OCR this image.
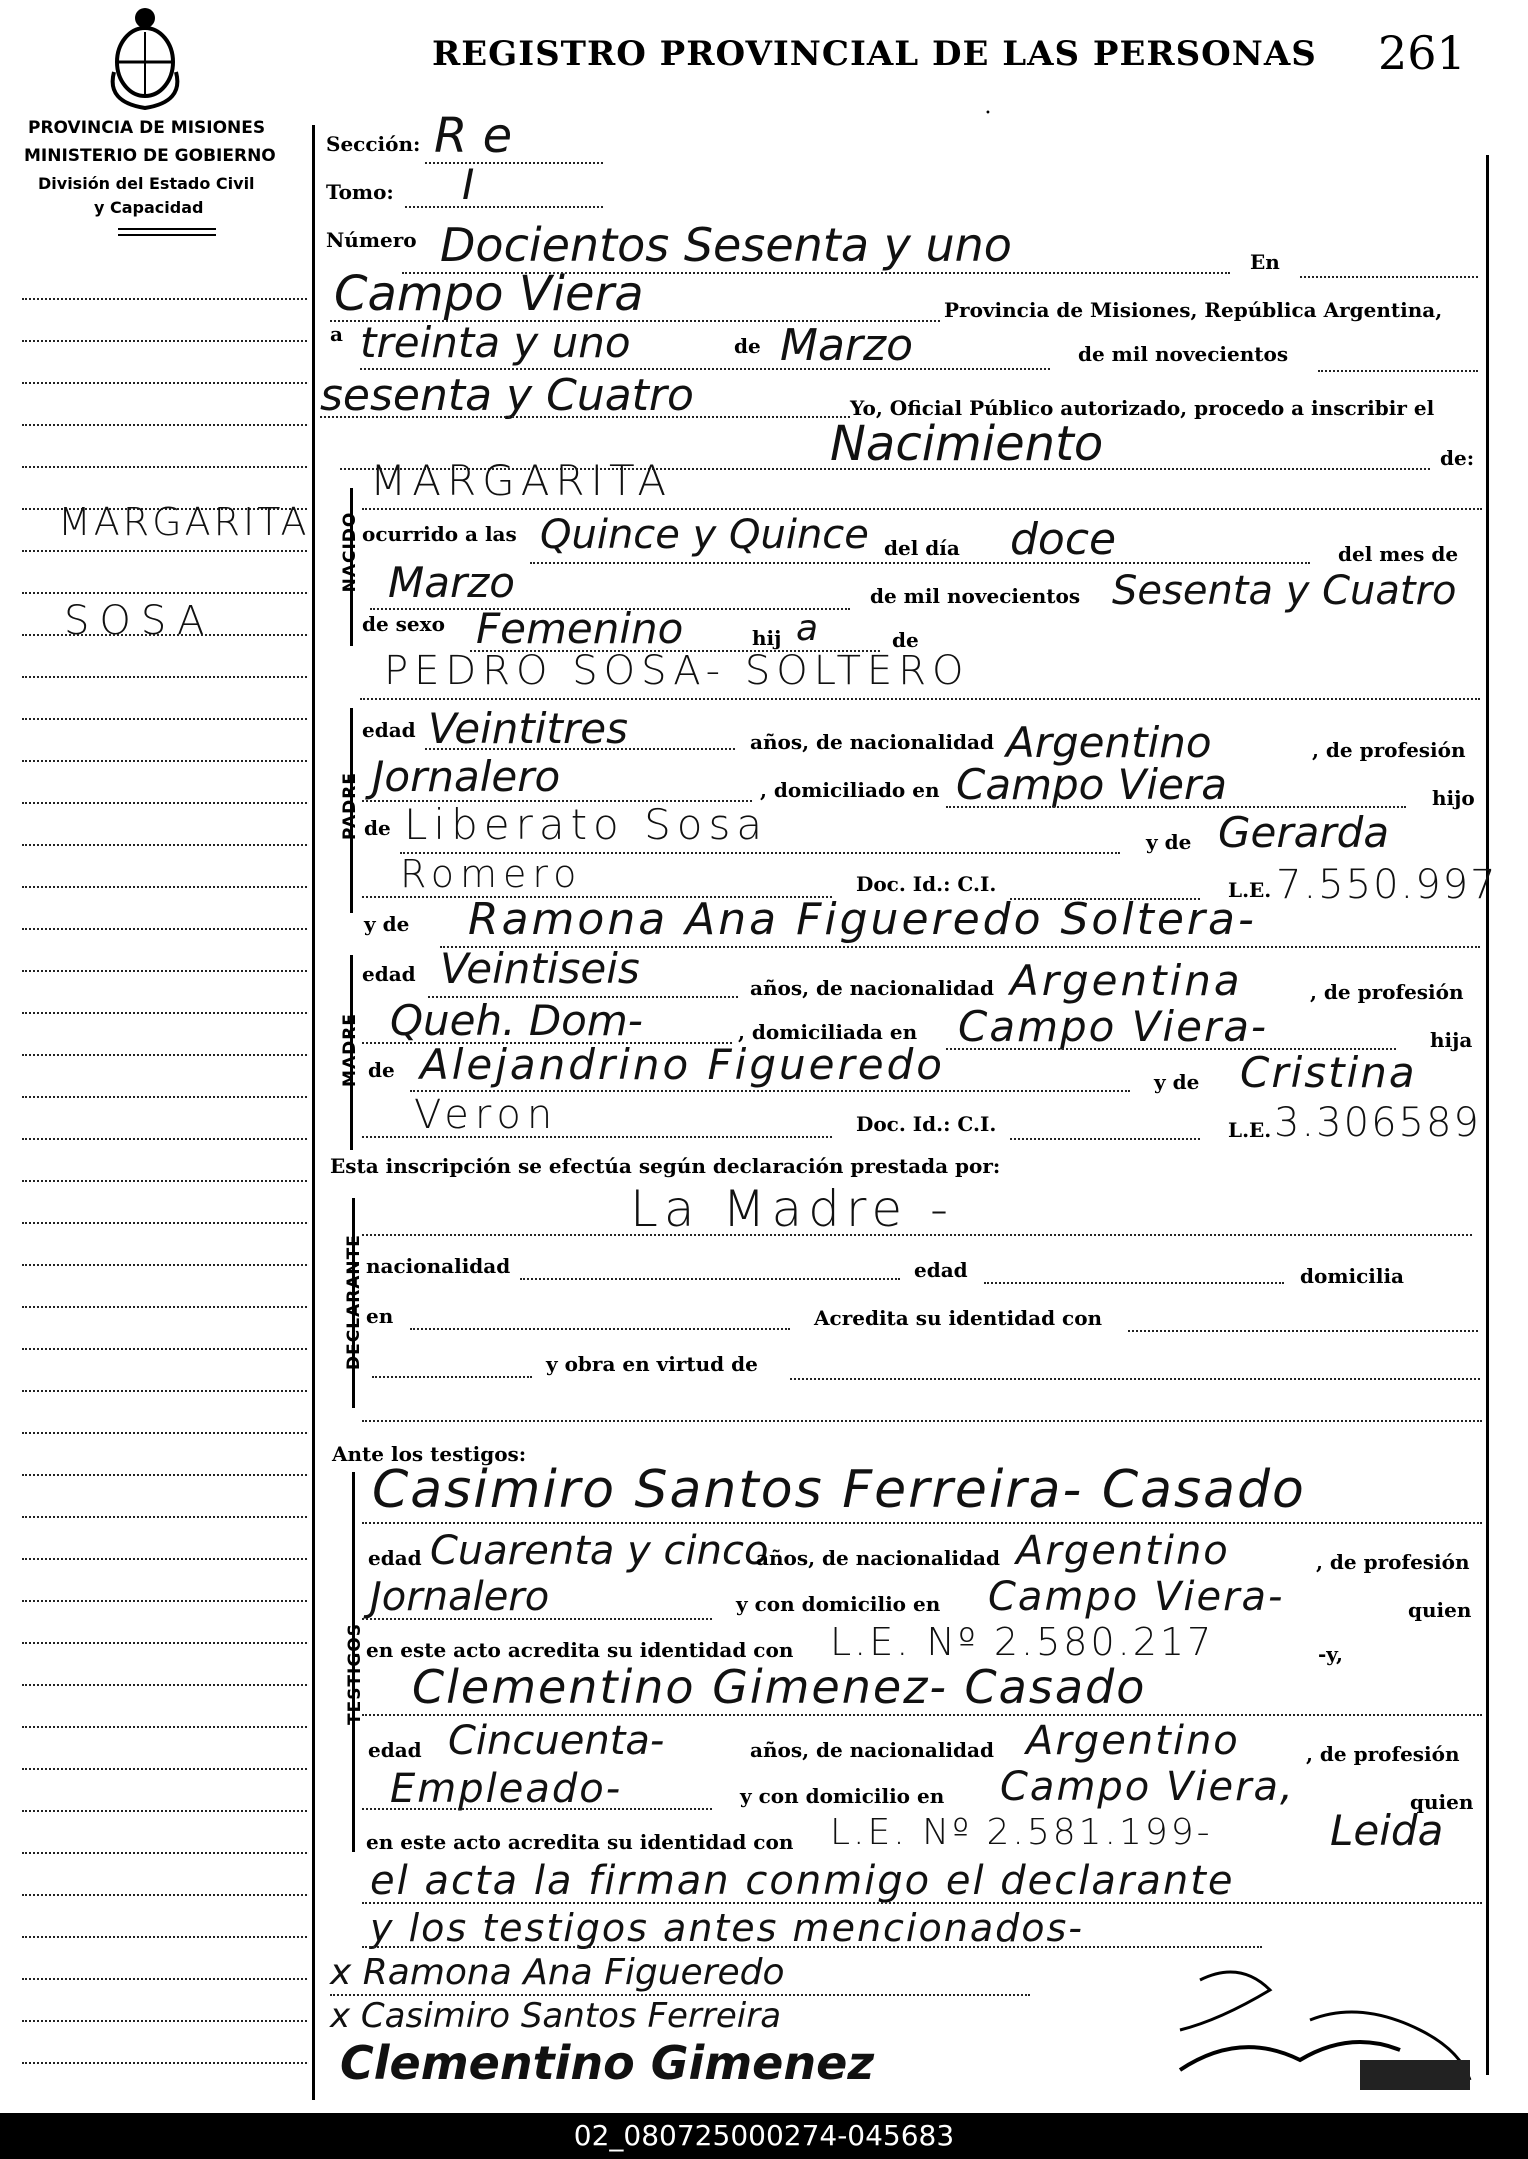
REGISTRO PROVINCIAL DE LAS PERSONAS 261
•
PROVINCIA DE MISIONES
MINISTERIO DE GOBIERNO
División del Estado Civil
y Capacidad
MARGARITA
SOSA
Sección: R e
Tomo: I
Número Docientos Sesenta y uno	En
Campo Viera	Provincia de Misiones, República Argentina,
a treinta y uno	de Marzo	de mil novecientos
sesenta y Cuatro	Yo, Oficial Público autorizado, procedo a inscribir el
Nacimiento	de:
NACIDO
MARGARITA
ocurrido a las Quince y Quince del día doce	del mes de
Marzo	de mil novecientos Sesenta y Cuatro
de sexo Femenino	hij a	de
PADRE
PEDRO SOSA- SOLTERO
edad Veintitres	años, de nacionalidad Argentino	, de profesión
Jornalero	, domiciliado en Campo Viera	hijo
de Liberato Sosa	y de Gerarda
Romero	Doc. Id.: C.I.	L.E. 7.550.997
MADRE
y de Ramona Ana Figueredo Soltera-
edad Veintiseis	años, de nacionalidad Argentina	, de profesión
Queh. Dom-	, domiciliada en Campo Viera-	hija
de Alejandrino Figueredo	y de Cristina
Veron	Doc. Id.: C.I.	L.E. 3.306589
Esta inscripción se efectúa según declaración prestada por:
DECLARANTE
La Madre -
nacionalidad	edad	domicilia
en	Acredita su identidad con
y obra en virtud de
Ante los testigos:
TESTIGOS
Casimiro Santos Ferreira- Casado
edad Cuarenta y cinco
años, de nacionalidad Argentino	, de profesión
Jornalero	y con domicilio en Campo Viera-	quien
en este acto acredita su identidad con L.E. Nº 2.580.217	-y,
Clementino Gimenez- Casado
edad Cincuenta-	años, de nacionalidad Argentino	, de profesión
Empleado-	y con domicilio en Campo Viera,	quien
en este acto acredita su identidad con L.E. Nº 2.581.199-	Leida
el acta la firman conmigo el declarante
y los testigos antes mencionados-
x Ramona Ana Figueredo
x Casimiro Santos Ferreira
Clementino Gimenez
02_080725000274-045683
